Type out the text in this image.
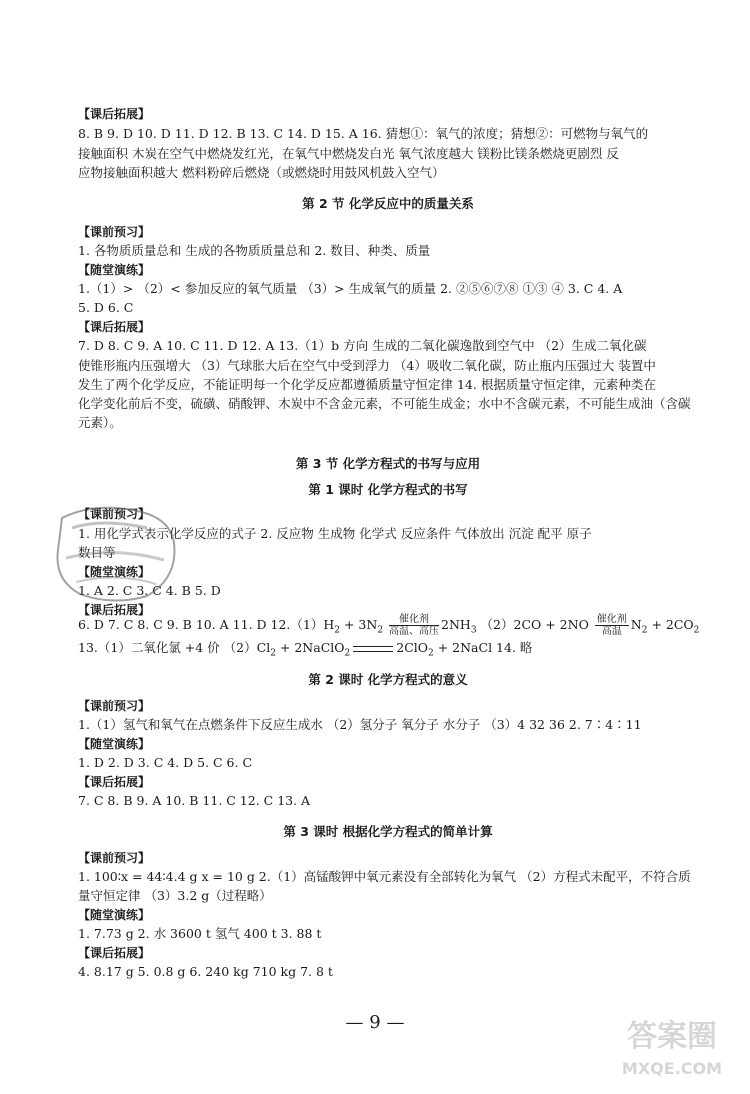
【课后拓展】
8. B 9. D 10. D 11. D 12. B 13. C 14. D 15. A 16. 猜想①：氧气的浓度；猜想②：可燃物与氧气的
接触面积 木炭在空气中燃烧发红光，在氧气中燃烧发白光 氧气浓度越大 镁粉比镁条燃烧更剧烈 反
应物接触面积越大 燃料粉碎后燃烧（或燃烧时用鼓风机鼓入空气）
第 2 节 化学反应中的质量关系
【课前预习】
1. 各物质质量总和 生成的各物质质量总和 2. 数目、种类、质量
【随堂演练】
1.（1）> （2）< 参加反应的氧气质量 （3）> 生成氧气的质量 2. ②⑤⑥⑦⑧ ①③ ④ 3. C 4. A
5. D 6. C
【课后拓展】
7. D 8. C 9. A 10. C 11. D 12. A 13.（1）b 方向 生成的二氧化碳逸散到空气中 （2）生成二氧化碳
使锥形瓶内压强增大 （3）气球胀大后在空气中受到浮力 （4）吸收二氧化碳，防止瓶内压强过大 装置中
发生了两个化学反应，不能证明每一个化学反应都遵循质量守恒定律 14. 根据质量守恒定律，元素种类在
化学变化前后不变，硫磺、硝酸钾、木炭中不含金元素，不可能生成金；水中不含碳元素，不可能生成油（含碳
元素）。
第 3 节 化学方程式的书写与应用
第 1 课时 化学方程式的书写
【课前预习】
1. 用化学式表示化学反应的式子 2. 反应物 生成物 化学式 反应条件 气体放出 沉淀 配平 原子
数目等
【随堂演练】
1. A 2. C 3. C 4. B 5. D
【课后拓展】
6. D 7. C 8. C 9. B 10. A 11. D $12.(1)H_2 + 3N_2$
催化剂
高温、高压 $2NH_3$ （2）2CO + 2NO 催化剂
高温 $N_2 + 2CO_2$
13.（1）二氧化氯 +4 价 $(2)Cl_2$ + 2NaClO$_2$	2ClO$_2$ + 2NaCl 14. 略
第 2 课时 化学方程式的意义
【课前预习】
1.（1）氢气和氧气在点燃条件下反应生成水 （2）氢分子 氧分子 水分子 （3）4 32 36 2. 7∶4∶11
【随堂演练】
1. D 2. D 3. C 4. D 5. C 6. C
【课后拓展】
7. C 8. B 9. A 10. B 11. C 12. C 13. A
第 3 课时 根据化学方程式的简单计算
【课前预习】
1. 100∶x = 44∶4.4 g x = 10 g 2.（1）高锰酸钾中氧元素没有全部转化为氧气 （2）方程式未配平，不符合质
量守恒定律 （3）3.2 g（过程略）
【随堂演练】
1. 7.73 g 2. 水 3600 t 氢气 400 t 3. 88 t
【课后拓展】
4. 8.17 g 5. 0.8 g 6. 240 kg 710 kg 7. 8 t
— 9 —	答案圈
MXQE.COM
